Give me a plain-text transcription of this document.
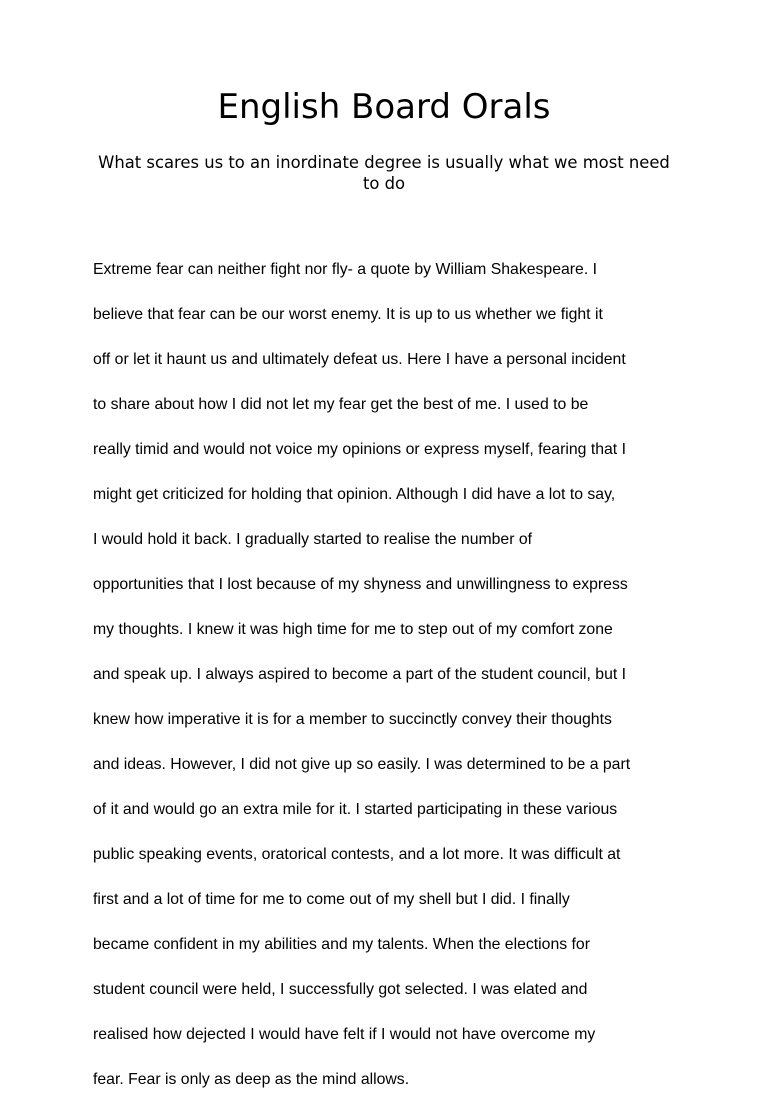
English Board Orals

What scares us to an inordinate degree is usually what we most need to do

Extreme fear can neither fight nor fly- a quote by William Shakespeare. I

believe that fear can be our worst enemy. It is up to us whether we fight it

off or let it haunt us and ultimately defeat us. Here I have a personal incident

to share about how I did not let my fear get the best of me. I used to be

really timid and would not voice my opinions or express myself, fearing that I

might get criticized for holding that opinion. Although I did have a lot to say,

I would hold it back. I gradually started to realise the number of

opportunities that I lost because of my shyness and unwillingness to express

my thoughts. I knew it was high time for me to step out of my comfort zone

and speak up. I always aspired to become a part of the student council, but I

knew how imperative it is for a member to succinctly convey their thoughts

and ideas. However, I did not give up so easily. I was determined to be a part

of it and would go an extra mile for it. I started participating in these various

public speaking events, oratorical contests, and a lot more. It was difficult at

first and a lot of time for me to come out of my shell but I did. I finally

became confident in my abilities and my talents. When the elections for

student council were held, I successfully got selected. I was elated and

realised how dejected I would have felt if I would not have overcome my

fear. Fear is only as deep as the mind allows.
